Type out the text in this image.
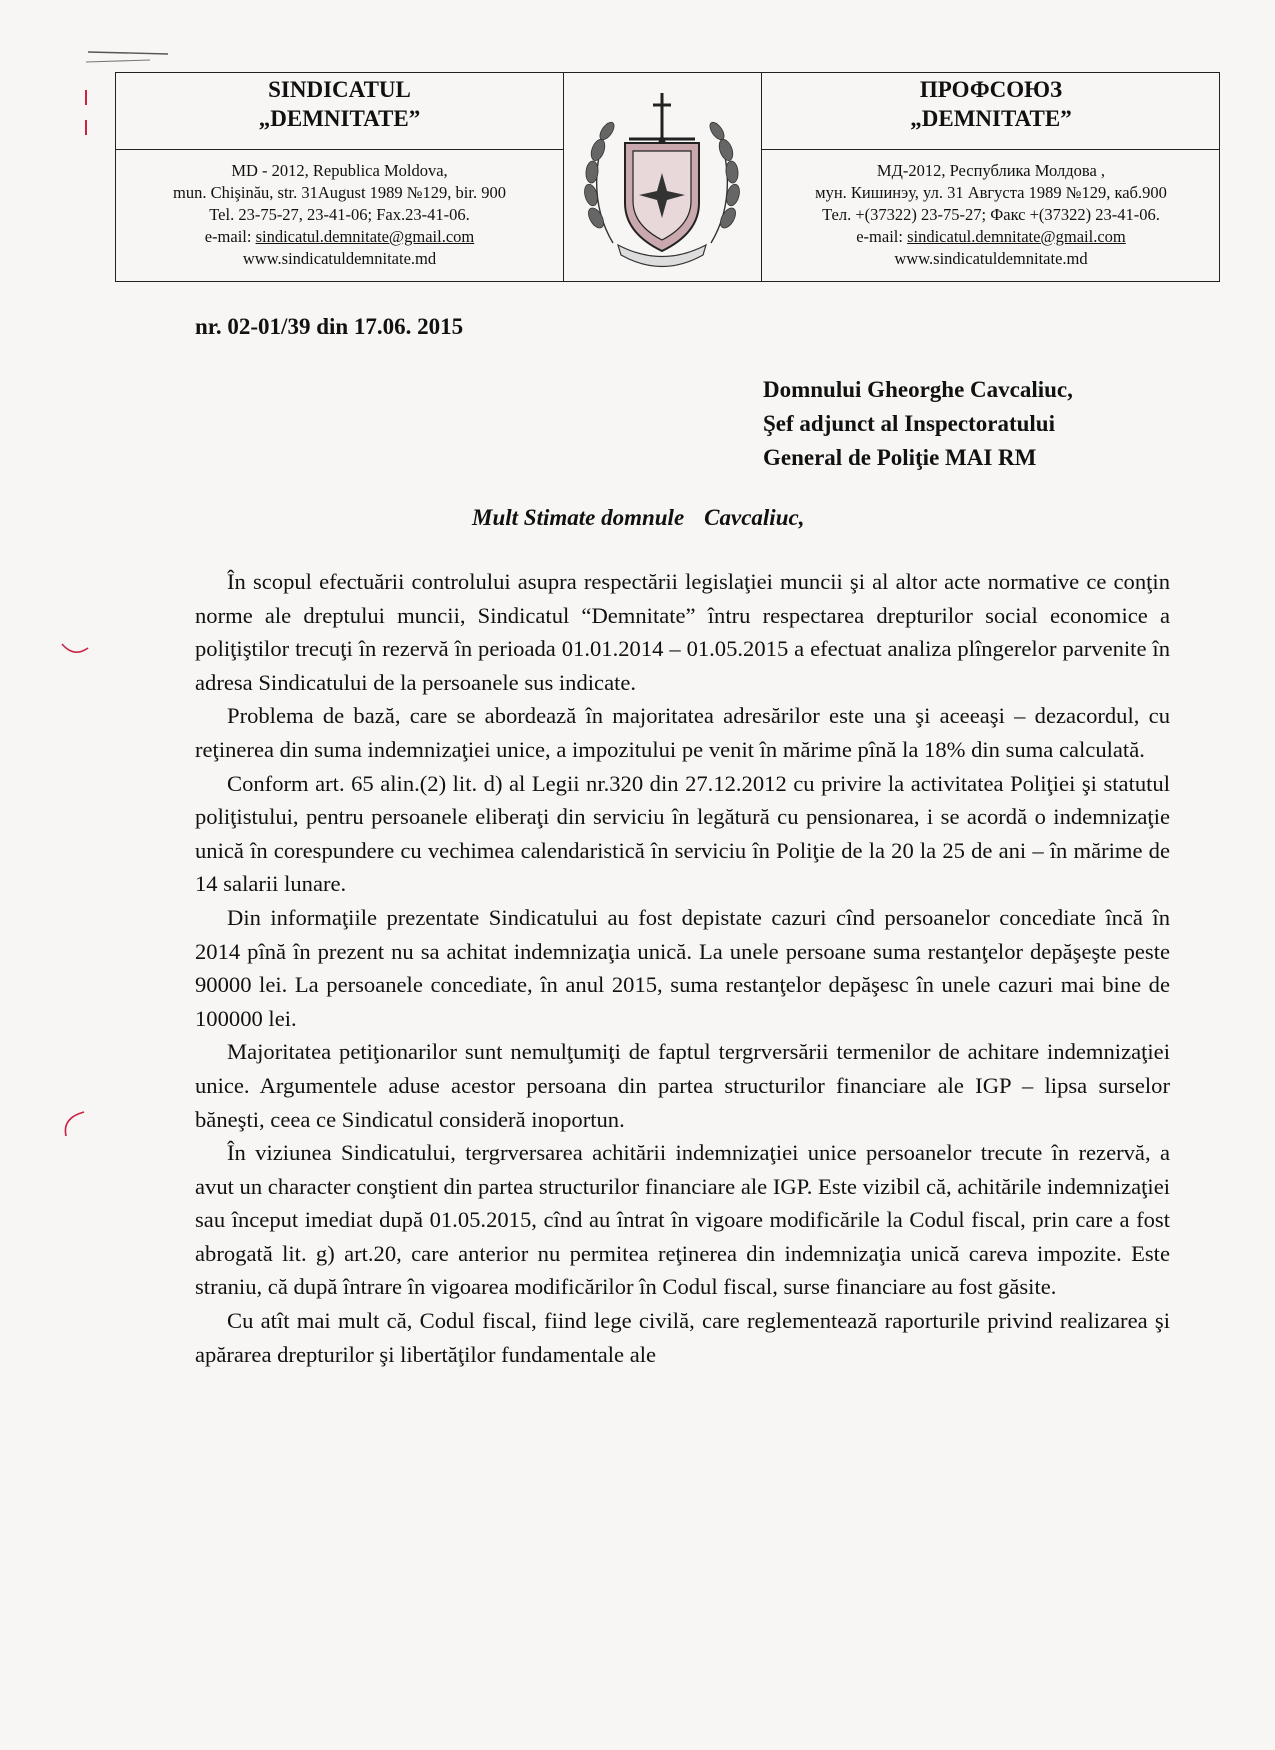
SINDICATUL
„DEMNITATE”
MD - 2012, Republica Moldova,
mun. Chişinău, str. 31August 1989 №129, bir. 900
Tel. 23-75-27, 23-41-06; Fax.23-41-06.
e-mail: sindicatul.demnitate@gmail.com
www.sindicatuldemnitate.md
ПРОФСОЮЗ
„DEMNITATE”
МД-2012, Республика Молдова ,
мун. Кишинэу, ул. 31 Августа 1989 №129, каб.900
Тел. +(37322) 23-75-27; Факс +(37322) 23-41-06.
e-mail: sindicatul.demnitate@gmail.com
www.sindicatuldemnitate.md
nr. 02-01/39 din 17.06. 2015
Domnului Gheorghe Cavcaliuc,
Şef adjunct al Inspectoratului
General de Poliţie MAI RM
Mult Stimate domnule Cavcaliuc,

În scopul efectuării controlului asupra respectării legislaţiei muncii şi al altor acte normative ce conţin norme ale dreptului muncii, Sindicatul “Demnitate” întru respectarea drepturilor social economice a poliţiştilor trecuţi în rezervă în perioada 01.01.2014 – 01.05.2015 a efectuat analiza plîngerelor parvenite în adresa Sindicatului de la persoanele sus indicate.

Problema de bază, care se abordează în majoritatea adresărilor este una şi aceeaşi – dezacordul, cu reţinerea din suma indemnizaţiei unice, a impozitului pe venit în mărime pînă la 18% din suma calculată.

Conform art. 65 alin.(2) lit. d) al Legii nr.320 din 27.12.2012 cu privire la activitatea Poliţiei şi statutul poliţistului, pentru persoanele eliberaţi din serviciu în legătură cu pensionarea, i se acordă o indemnizaţie unică în corespundere cu vechimea calendaristică în serviciu în Poliţie de la 20 la 25 de ani – în mărime de 14 salarii lunare.

Din informaţiile prezentate Sindicatului au fost depistate cazuri cînd persoanelor concediate încă în 2014 pînă în prezent nu sa achitat indemnizaţia unică. La unele persoane suma restanţelor depăşeşte peste 90000 lei. La persoanele concediate, în anul 2015, suma restanţelor depăşesc în unele cazuri mai bine de 100000 lei.

Majoritatea petiţionarilor sunt nemulţumiţi de faptul tergrversării termenilor de achitare indemnizaţiei unice. Argumentele aduse acestor persoana din partea structurilor financiare ale IGP – lipsa surselor băneşti, ceea ce Sindicatul consideră inoportun.

În viziunea Sindicatului, tergrversarea achitării indemnizaţiei unice persoanelor trecute în rezervă, a avut un character conştient din partea structurilor financiare ale IGP. Este vizibil că, achitările indemnizaţiei sau început imediat după 01.05.2015, cînd au întrat în vigoare modificările la Codul fiscal, prin care a fost abrogată lit. g) art.20, care anterior nu permitea reţinerea din indemnizaţia unică careva impozite. Este straniu, că după întrare în vigoarea modificărilor în Codul fiscal, surse financiare au fost găsite.

Cu atît mai mult că, Codul fiscal, fiind lege civilă, care reglementează raporturile privind realizarea şi apărarea drepturilor şi libertăţilor fundamentale ale
